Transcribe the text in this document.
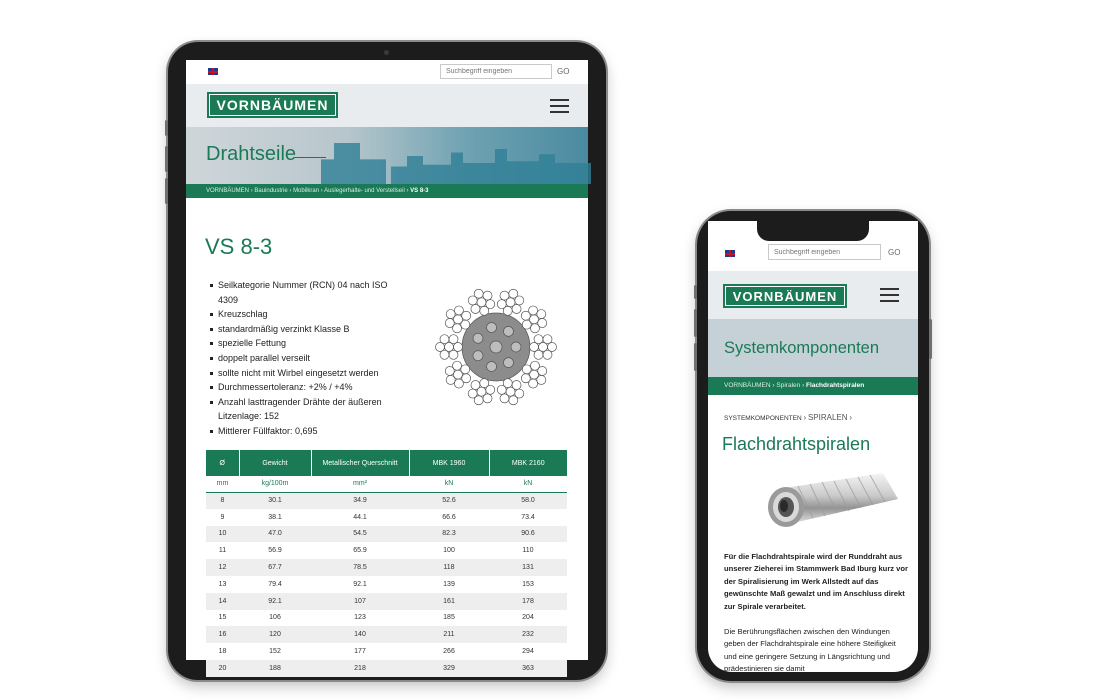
Suchbegriff eingeben
GO
VORNBÄUMEN
Drahtseile
VORNBÄUMEN › Bauindustrie › Mobilkran › Auslegerhalte- und Verstellseil › VS 8-3
VS 8-3
Seilkategorie Nummer (RCN) 04 nach ISO 4309
Kreuzschlag
standardmäßig verzinkt Klasse B
spezielle Fettung
doppelt parallel verseilt
sollte nicht mit Wirbel eingesetzt werden
Durchmessertoleranz: +2% / +4%
Anzahl lasttragender Drähte der äußeren Litzenlage: 152
Mittlerer Füllfaktor: 0,695
Ø	Gewicht	Metallischer Querschnitt	MBK 1960	MBK 2160
mm	kg/100m	mm²	kN	kN
8	30.1	34.9	52.6	58.0
9	38.1	44.1	66.6	73.4
10	47.0	54.5	82.3	90.6
11	56.9	65.9	100	110
12	67.7	78.5	118	131
13	79.4	92.1	139	153
14	92.1	107	161	178
15	106	123	185	204
16	120	140	211	232
18	152	177	266	294
20	188	218	329	363
Suchbegriff eingeben
GO
VORNBÄUMEN
Systemkomponenten
VORNBÄUMEN › Spiralen › Flachdrahtspiralen
SYSTEMKOMPONENTEN › SPIRALEN ›
Flachdrahtspiralen

Für die Flachdrahtspirale wird der Runddraht aus unserer Zieherei im Stammwerk Bad Iburg kurz vor der Spiralisierung im Werk Allstedt auf das gewünschte Maß gewalzt und im Anschluss direkt zur Spirale verarbeitet.

Die Berührungsflächen zwischen den Windungen geben der Flachdrahtspirale eine höhere Steifigkeit und eine geringere Setzung in Längsrichtung und prädestinieren sie damit
